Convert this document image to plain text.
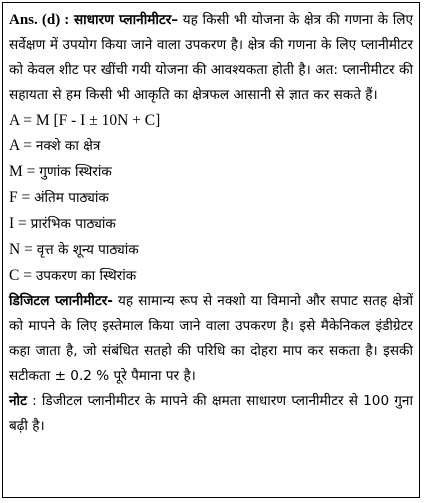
Ans. (d) : साधारण प्लानीमीटर– यह किसी भी योजना के क्षेत्र की गणना के लिए सर्वेक्षण में उपयोग किया जाने वाला उपकरण है। क्षेत्र की गणना के लिए प्लानीमीटर को केवल शीट पर खींची गयी योजना की आवश्यकता होती है। अत: प्लानीमीटर की सहायता से हम किसी भी आकृति का क्षेत्रफल आसानी से ज्ञात कर सकते हैं।

A = M [F - I ± 10N + C]

A = नक्शे का क्षेत्र

M = गुणांक स्थिरांक

F = अंतिम पाठ्यांक

I = प्रारंभिक पाठ्यांक

N = वृत्त के शून्य पाठ्यांक

C = उपकरण का स्थिरांक

डिजिटल प्लानीमीटर- यह सामान्य रूप से नक्शो या विमानो और सपाट सतह क्षेत्रों को मापने के लिए इस्तेमाल किया जाने वाला उपकरण है। इसे मैकेनिकल इंडीग्रेटर कहा जाता है, जो संबंधित सतहो की परिधि का दोहरा माप कर सकता है। इसकी सटीकता ± 0.2 % पूरे पैमाना पर है।

नोट : डिजीटल प्लानीमीटर के मापने की क्षमता साधारण प्लानीमीटर से 100 गुना बढ़ी है।
